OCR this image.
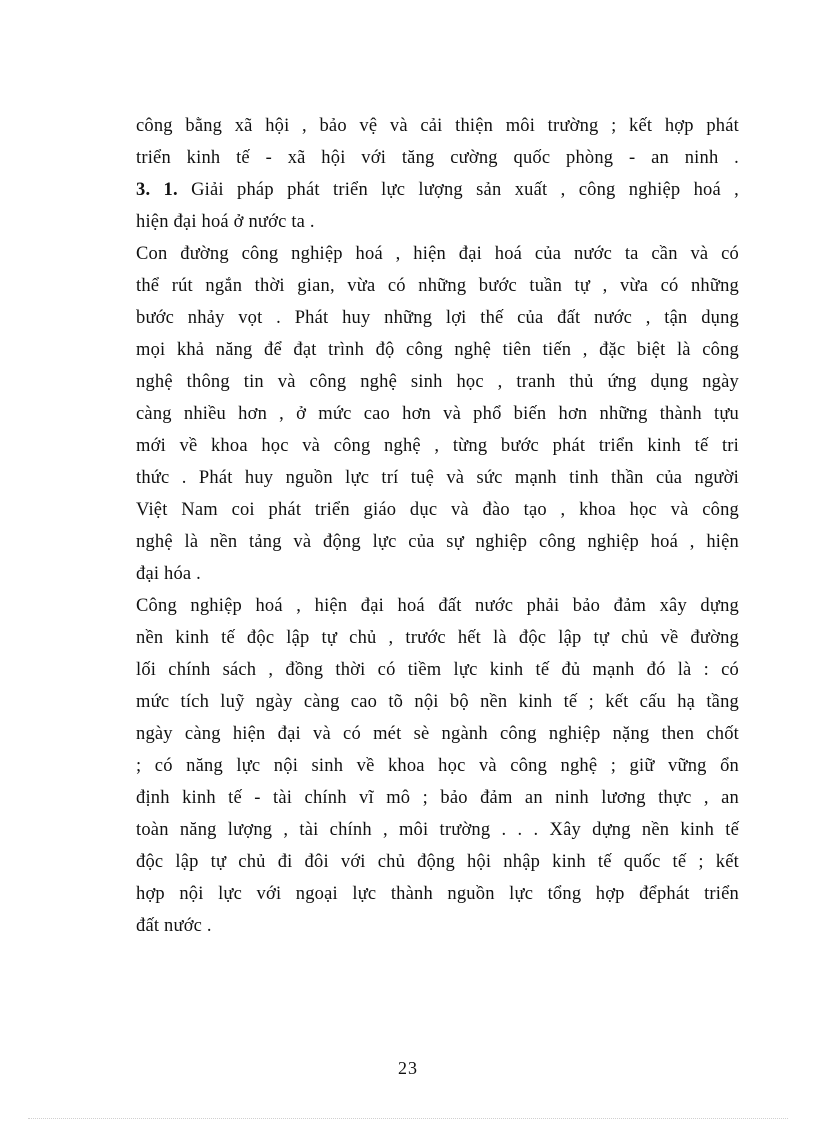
công bằng xã hội , bảo vệ và cải thiện môi trường ; kết hợp phát
triển kinh tế - xã hội với tăng cường quốc phòng - an ninh .
3. 1. Giải pháp phát triển lực lượng sản xuất , công nghiệp hoá ,
hiện đại hoá ở nước ta .
Con đường công nghiệp hoá , hiện đại hoá của nước ta cần và có
thể rút ngắn thời gian, vừa có những bước tuần tự , vừa có những
bước nhảy vọt . Phát huy những lợi thế của đất nước , tận dụng
mọi khả năng để đạt trình độ công nghệ tiên tiến , đặc biệt là công
nghệ thông tin và công nghệ sinh học , tranh thủ ứng dụng ngày
càng nhiều hơn , ở mức cao hơn và phổ biến hơn những thành tựu
mới về khoa học và công nghệ , từng bước phát triển kinh tế tri
thức . Phát huy nguồn lực trí tuệ và sức mạnh tinh thần của người
Việt Nam coi phát triển giáo dục và đào tạo , khoa học và công
nghệ là nền tảng và động lực của sự nghiệp công nghiệp hoá , hiện
đại hóa .
Công nghiệp hoá , hiện đại hoá đất nước phải bảo đảm xây dựng
nền kinh tế độc lập tự chủ , trước hết là độc lập tự chủ về đường
lối chính sách , đồng thời có tiềm lực kinh tế đủ mạnh đó là : có
mức tích luỹ ngày càng cao tõ nội bộ nền kinh tế ; kết cấu hạ tầng
ngày càng hiện đại và có mét sè ngành công nghiệp nặng then chốt
; có năng lực nội sinh về khoa học và công nghệ ; giữ vững ổn
định kinh tế - tài chính vĩ mô ; bảo đảm an ninh lương thực , an
toàn năng lượng , tài chính , môi trường . . . Xây dựng nền kinh tế
độc lập tự chủ đi đôi với chủ động hội nhập kinh tế quốc tế ; kết
hợp nội lực với ngoại lực thành nguồn lực tổng hợp đểphát triển
đất nước .
23
